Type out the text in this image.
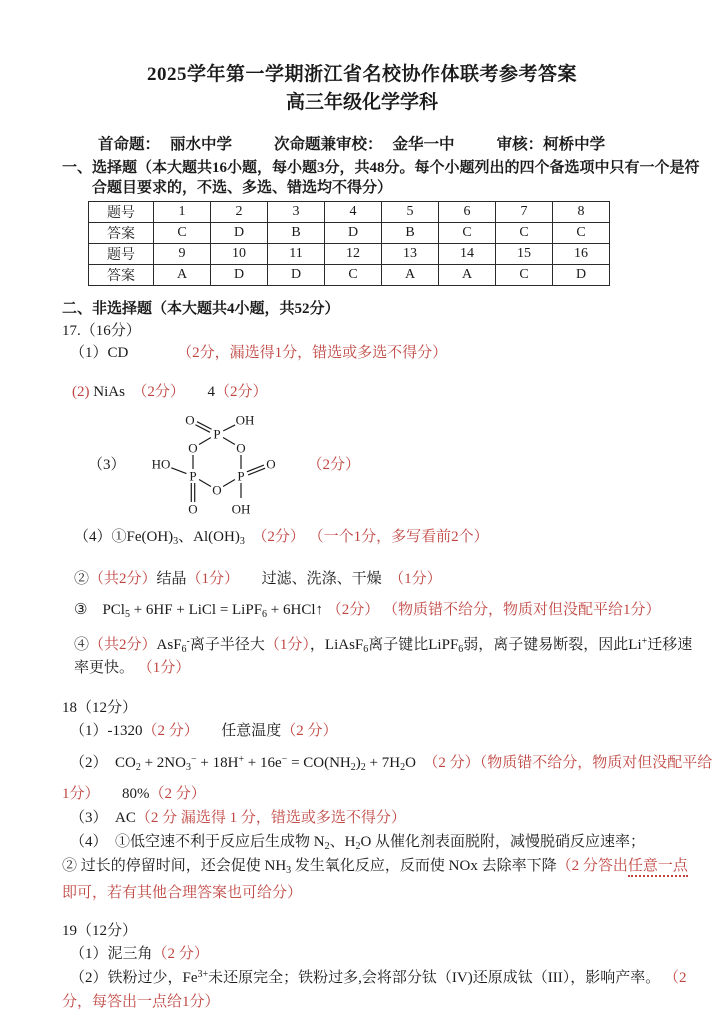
2025学年第一学期浙江省名校协作体联考参考答案
高三年级化学学科
首命题： 丽水中学	次命题兼审校： 金华一中	审核： 柯桥中学
一、选择题（本大题共16小题，每小题3分，共48分。每个小题列出的四个备选项中只有一个是符
合题目要求的，不选、多选、错选均不得分）
题号	1	2	3	4	5	6	7	8
答案	C	D	B	D	B	C	C	C
题号	9	10	11	12	13	14	15	16
答案	A	D	D	C	A	A	C	D
二、非选择题（本大题共4小题，共52分）
17.（16分）
（1）CD　　　 （2分，漏选得1分，错选或多选不得分）
(2) NiAs　（2分）　　4（2分）
（3）
P
O
P
O
P
O
O	OH
HO
O
O
OH
（2分）
$(4)①Fe(OH)_3$、$Al(OH)_3$　 （2分） （一个1分，多写看前2个）
②（共2分）结晶（1分）　　过滤、洗涤、干燥　（1分）
③　PCl$_5$ + 6HF + LiCl = LiPF$_6$ + 6HCl↑ （2分） （物质错不给分，物质对但没配平给1分）
④（共2分）AsF$_6$-离子半径大（1分），LiAsF$_6$离子键比LiPF$_6$弱，离子键易断裂，因此Li+迁移速
率更快。 （1分）
18（12分）
（1）-1320（2 分）　　任意温度（2 分）
（2）　$CO_2 + 2NO_3^- + 18H^+ + 16e^- = CO(NH_2)_2 + 7H_2O$　（2 分）（物质错不给分，物质对但没配平给
1分）　　80%（2 分）
（3）　AC（2 分 漏选得 1 分，错选或多选不得分）
（4）　①低空速不利于反应后生成物 $N_2$、$H_2O$ 从催化剂表面脱附，减慢脱硝反应速率；
② 过长的停留时间，还会促使 $NH_3$ 发生氧化反应，反而使 NOx 去除率下降（2 分答出任意一点
即可，若有其他合理答案也可给分）
19（12分）
（1）泥三角（2 分）
（2）铁粉过少，$Fe^{3+}$未还原完全；铁粉过多,会将部分钛（IV)还原成钛（III），影响产率。 （2
分，每答出一点给1分）
